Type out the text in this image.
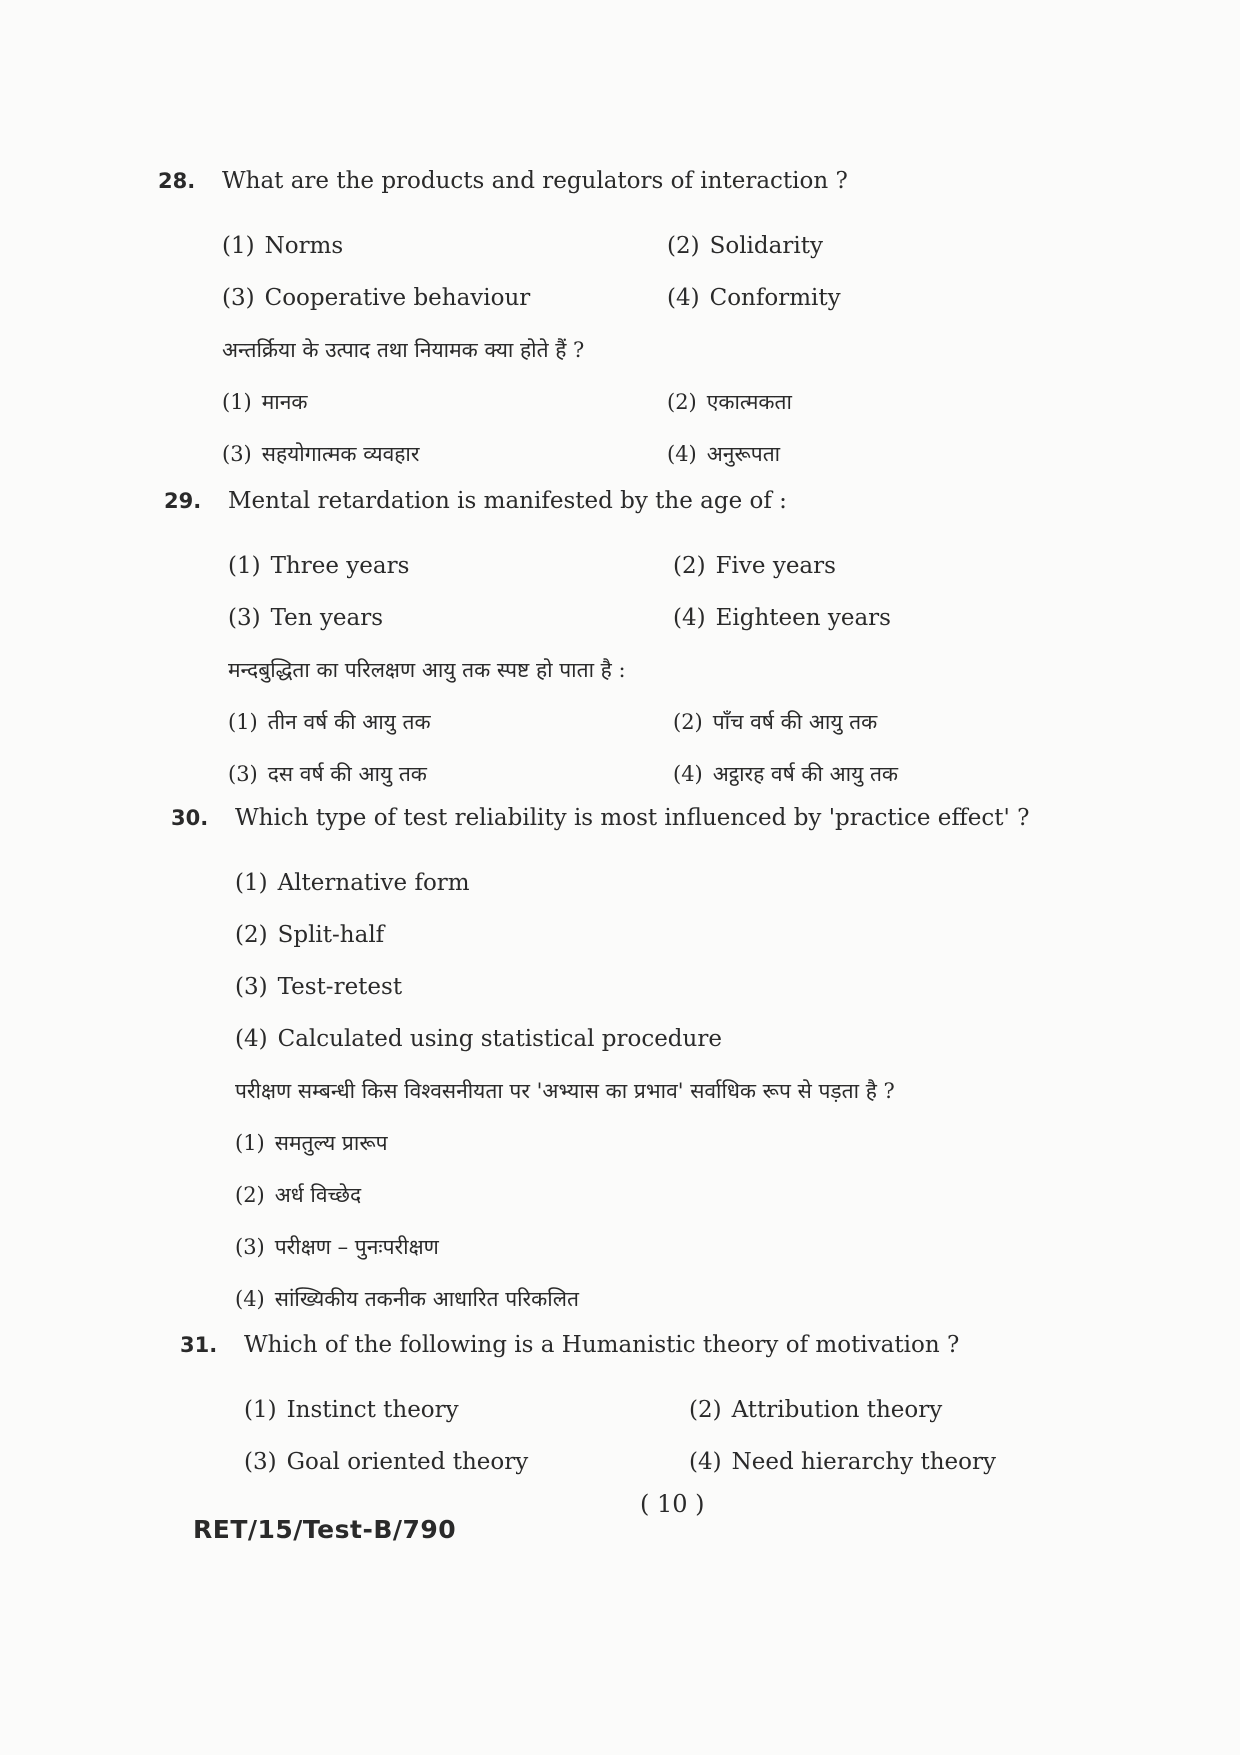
28.	What are the products and regulators of interaction ?
(1) Norms	(2) Solidarity
(3) Cooperative behaviour	(4) Conformity
अन्तर्क्रिया के उत्पाद तथा नियामक क्या होते हैं ?
(1) मानक	(2) एकात्मकता
(3) सहयोगात्मक व्यवहार	(4) अनुरूपता
29.	Mental retardation is manifested by the age of :
(1) Three years	(2) Five years
(3) Ten years	(4) Eighteen years
मन्दबुद्धिता का परिलक्षण आयु तक स्पष्ट हो पाता है :
(1) तीन वर्ष की आयु तक	(2) पाँच वर्ष की आयु तक
(3) दस वर्ष की आयु तक	(4) अट्ठारह वर्ष की आयु तक
30.	Which type of test reliability is most influenced by 'practice effect' ?
(1) Alternative form
(2) Split-half
(3) Test-retest
(4) Calculated using statistical procedure
परीक्षण सम्बन्धी किस विश्वसनीयता पर 'अभ्यास का प्रभाव' सर्वाधिक रूप से पड़ता है ?
(1) समतुल्य प्रारूप
(2) अर्ध विच्छेद
(3) परीक्षण – पुनःपरीक्षण
(4) सांख्यिकीय तकनीक आधारित परिकलित
31.	Which of the following is a Humanistic theory of motivation ?
(1) Instinct theory	(2) Attribution theory
(3) Goal oriented theory	(4) Need hierarchy theory
( 10 )
RET/15/Test-B/790
